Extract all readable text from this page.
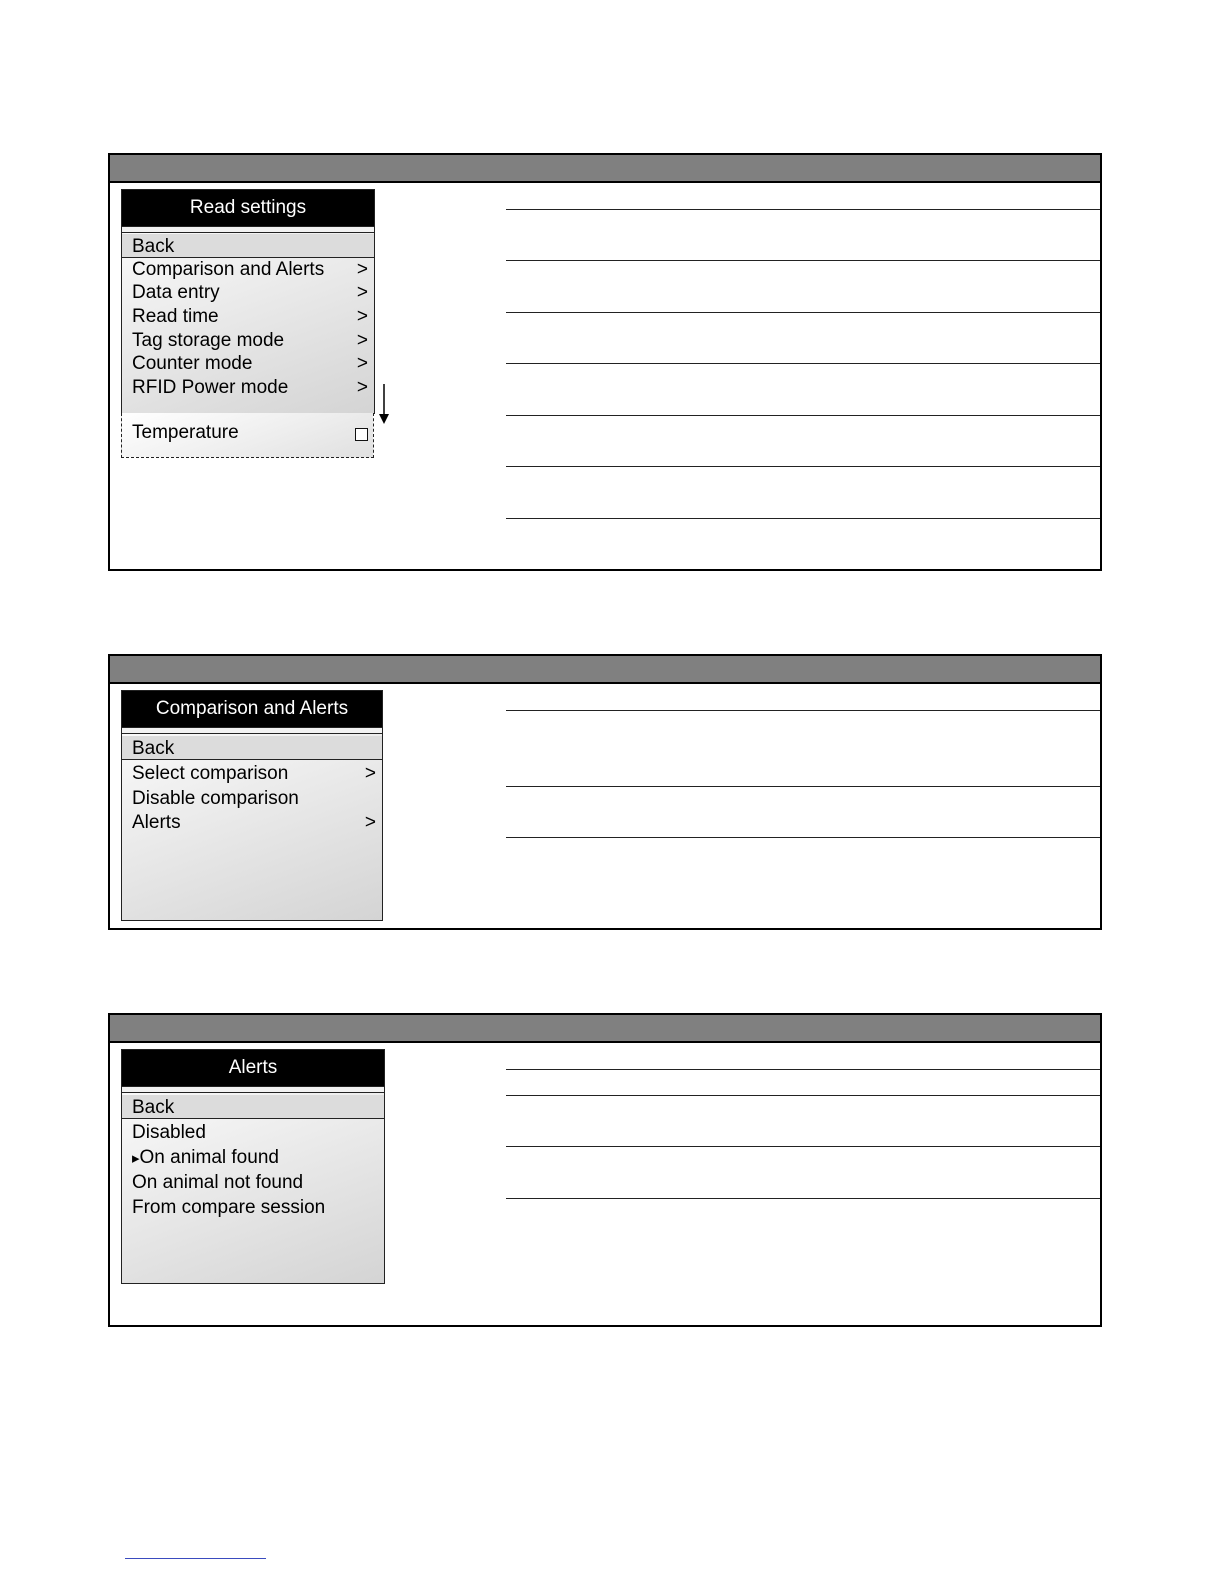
Read settings
Back
Comparison and Alerts >
Data entry	>
Read time	>
Tag storage mode	>
Counter mode	>
RFID Power mode	>
Temperature
Comparison and Alerts
Back
Select comparison	>
Disable comparison
Alerts	>
Alerts
Back
Disabled
▸On animal found
On animal not found
From compare session
